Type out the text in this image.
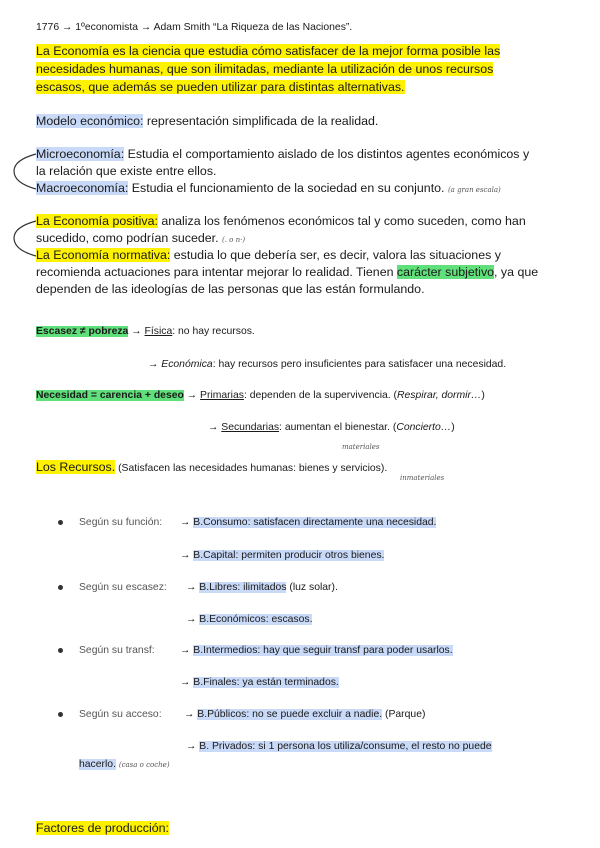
1776 → 1ºeconomista → Adam Smith “La Riqueza de las Naciones”.
La Economía es la ciencia que estudia cómo satisfacer de la mejor forma posible las
necesidades humanas, que son ilimitadas, mediante la utilización de unos recursos
escasos, que además se pueden utilizar para distintas alternativas.
Modelo económico: representación simplificada de la realidad.
Microeconomía: Estudia el comportamiento aislado de los distintos agentes económicos y
la relación que existe entre ellos.
Macroeconomía: Estudia el funcionamiento de la sociedad en su conjunto. (a gran escala)
La Economía positiva: analiza los fenómenos económicos tal y como suceden, como han
sucedido, como podrían suceder. (. o n·)
La Economía normativa: estudia lo que debería ser, es decir, valora las situaciones y
recomienda actuaciones para intentar mejorar lo realidad. Tienen carácter subjetivo, ya que
dependen de las ideologías de las personas que las están formulando.
Escasez ≠ pobreza → Física: no hay recursos.
→ Económica: hay recursos pero insuficientes para satisfacer una necesidad.
Necesidad = carencia + deseo → Primarias: dependen de la supervivencia. (Respirar, dormir…)
→ Secundarias: aumentan el bienestar. (Concierto…)
materiales
Los Recursos. (Satisfacen las necesidades humanas: bienes y servicios).
inmateriales
Según su función: → B.Consumo: satisfacen directamente una necesidad.
→ B.Capital: permiten producir otros bienes.
Según su escasez: → B.Libres: ilimitados (luz solar).
→ B.Económicos: escasos.
Según su transf: → B.Intermedios: hay que seguir transf para poder usarlos.
→ B.Finales: ya están terminados.
Según su acceso: → B.Públicos: no se puede excluir a nadie. (Parque)
→ B. Privados: si 1 persona los utiliza/consume, el resto no puede
hacerlo. (casa o coche)
Factores de producción:
